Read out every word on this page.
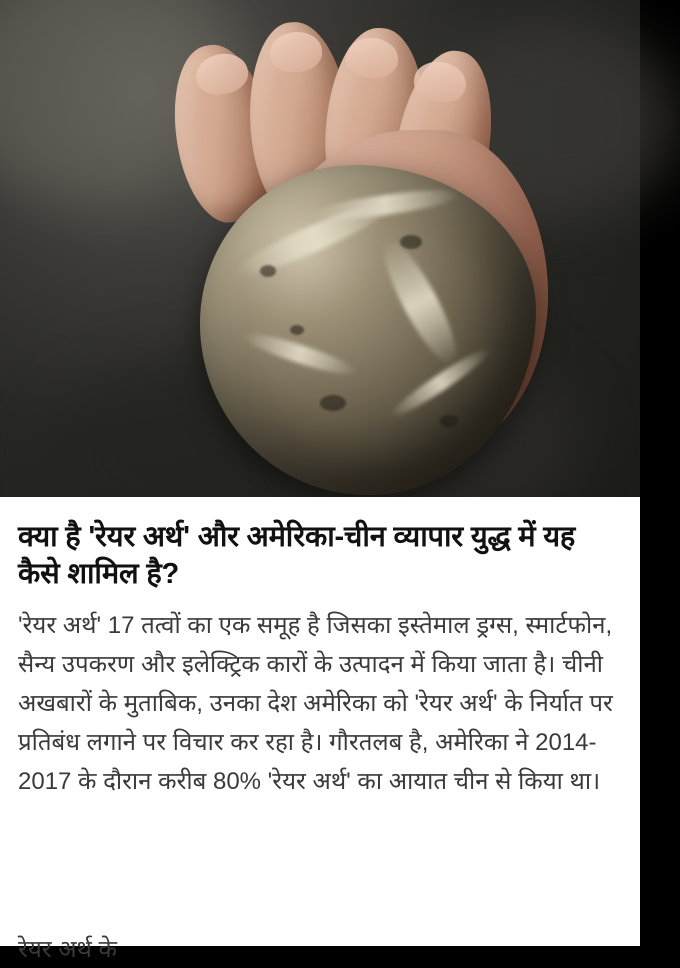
क्या है 'रेयर अर्थ' और अमेरिका-चीन व्यापार युद्ध में यह कैसे शामिल है?

'रेयर अर्थ' 17 तत्वों का एक समूह है जिसका इस्तेमाल ड्रग्स, स्मार्टफोन, सैन्य उपकरण और इलेक्ट्रिक कारों के उत्पादन में किया जाता है। चीनी अखबारों के मुताबिक, उनका देश अमेरिका को 'रेयर अर्थ' के निर्यात पर प्रतिबंध लगाने पर विचार कर रहा है। गौरतलब है, अमेरिका ने 2014-2017 के दौरान करीब 80% 'रेयर अर्थ' का आयात चीन से किया था।

रेयर अर्थ के
